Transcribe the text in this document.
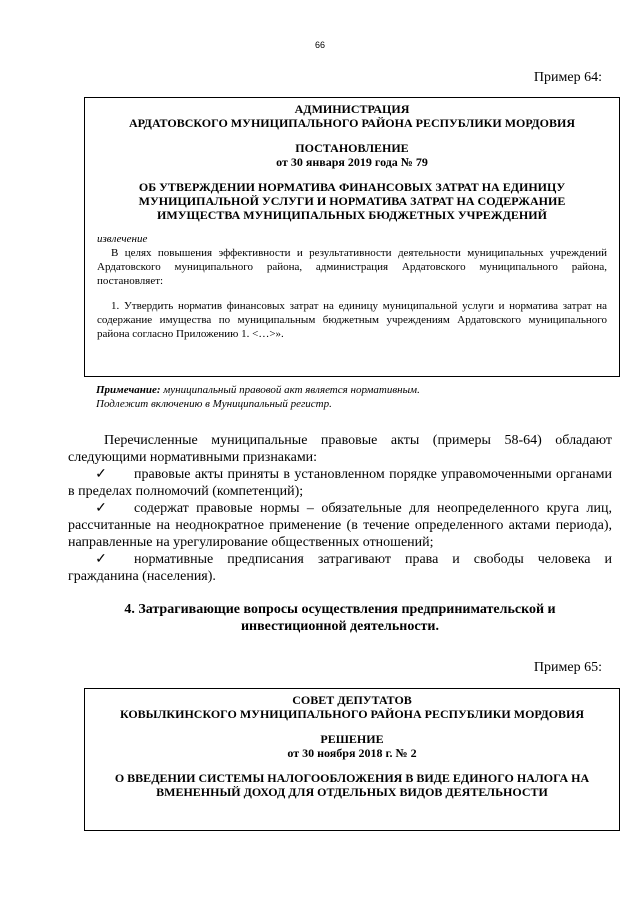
66
Пример 64:
АДМИНИСТРАЦИЯ
АРДАТОВСКОГО МУНИЦИПАЛЬНОГО РАЙОНА РЕСПУБЛИКИ МОРДОВИЯ
ПОСТАНОВЛЕНИЕ
от 30 января 2019 года № 79
ОБ УТВЕРЖДЕНИИ НОРМАТИВА ФИНАНСОВЫХ ЗАТРАТ НА ЕДИНИЦУ
МУНИЦИПАЛЬНОЙ УСЛУГИ И НОРМАТИВА ЗАТРАТ НА СОДЕРЖАНИЕ
ИМУЩЕСТВА МУНИЦИПАЛЬНЫХ БЮДЖЕТНЫХ УЧРЕЖДЕНИЙ
извлечение
В целях повышения эффективности и результативности деятельности муниципальных учреждений Ардатовского муниципального района, администрация Ардатовского муниципального района, постановляет:
1. Утвердить норматив финансовых затрат на единицу муниципальной услуги и норматива затрат на содержание имущества по муниципальным бюджетным учреждениям Ардатовского муниципального района согласно Приложению 1. <…>».
Примечание: муниципальный правовой акт является нормативным.
Подлежит включению в Муниципальный регистр.

Перечисленные муниципальные правовые акты (примеры 58-64) обладают следующими нормативными признаками:

✓ правовые акты приняты в установленном порядке управомоченными органами в пределах полномочий (компетенций);

✓ содержат правовые нормы – обязательные для неопределенного круга лиц, рассчитанные на неоднократное применение (в течение определенного актами периода), направленные на урегулирование общественных отношений;

✓ нормативные предписания затрагивают права и свободы человека и гражданина (населения).

4. Затрагивающие вопросы осуществления предпринимательской и
инвестиционной деятельности.
Пример 65:
СОВЕТ ДЕПУТАТОВ
КОВЫЛКИНСКОГО МУНИЦИПАЛЬНОГО РАЙОНА РЕСПУБЛИКИ МОРДОВИЯ
РЕШЕНИЕ
от 30 ноября 2018 г. № 2
О ВВЕДЕНИИ СИСТЕМЫ НАЛОГООБЛОЖЕНИЯ В ВИДЕ ЕДИНОГО НАЛОГА НА
ВМЕНЕННЫЙ ДОХОД ДЛЯ ОТДЕЛЬНЫХ ВИДОВ ДЕЯТЕЛЬНОСТИ
